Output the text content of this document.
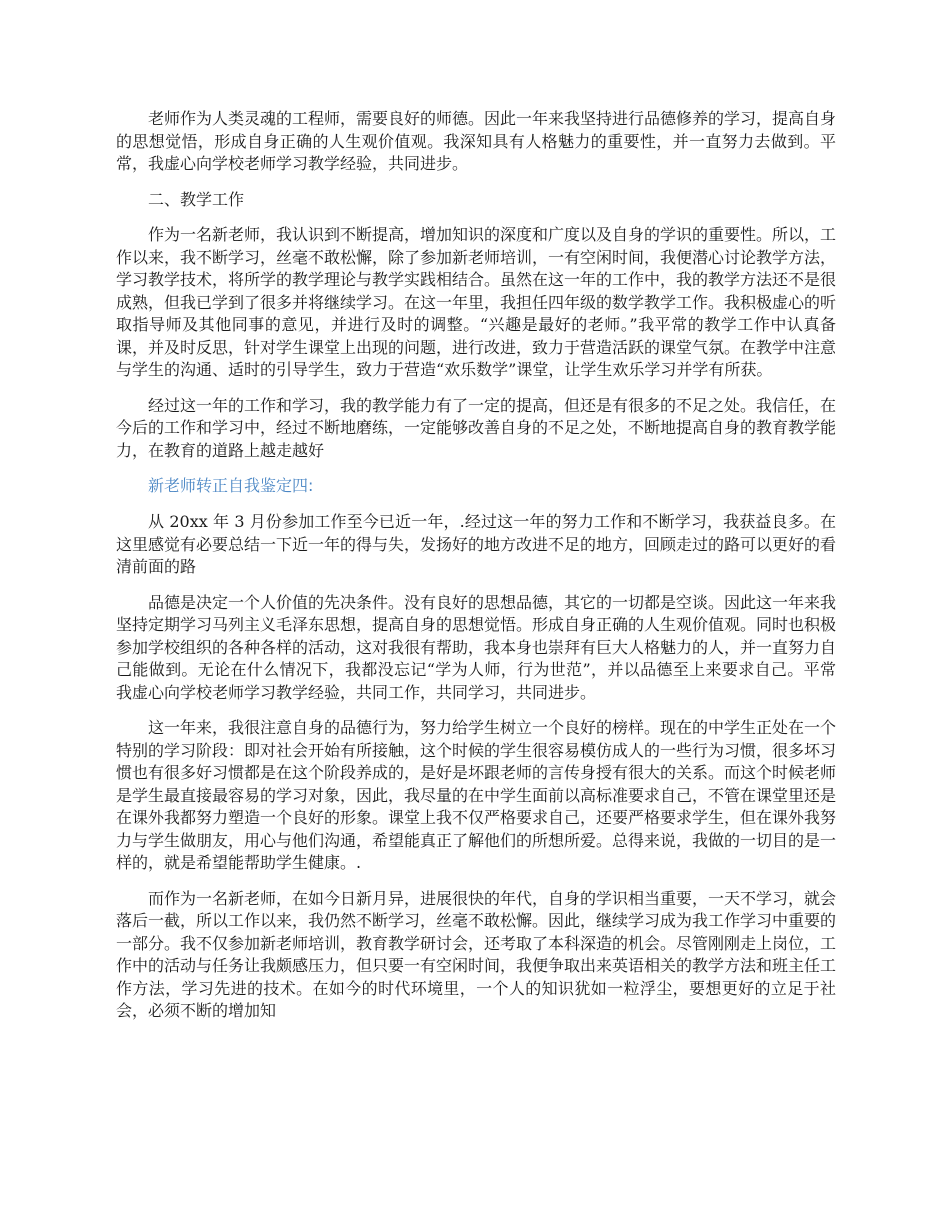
老师作为人类灵魂的工程师，需要良好的师德。因此一年来我坚持进行品德修养的学习，提高自身的思想觉悟，形成自身正确的人生观价值观。我深知具有人格魅力的重要性，并一直努力去做到。平常，我虚心向学校老师学习教学经验，共同进步。

二、教学工作

作为一名新老师，我认识到不断提高，增加知识的深度和广度以及自身的学识的重要性。所以，工作以来，我不断学习，丝毫不敢松懈，除了参加新老师培训，一有空闲时间，我便潜心讨论教学方法，学习教学技术，将所学的教学理论与教学实践相结合。虽然在这一年的工作中，我的教学方法还不是很成熟，但我已学到了很多并将继续学习。在这一年里，我担任四年级的数学教学工作。我积极虚心的听取指导师及其他同事的意见，并进行及时的调整。“兴趣是最好的老师。”我平常的教学工作中认真备课，并及时反思，针对学生课堂上出现的问题，进行改进，致力于营造活跃的课堂气氛。在教学中注意与学生的沟通、适时的引导学生，致力于营造“欢乐数学”课堂，让学生欢乐学习并学有所获。

经过这一年的工作和学习，我的教学能力有了一定的提高，但还是有很多的不足之处。我信任，在今后的工作和学习中，经过不断地磨练，一定能够改善自身的不足之处，不断地提高自身的教育教学能力，在教育的道路上越走越好

新老师转正自我鉴定四:

从 20xx 年 3 月份参加工作至今已近一年，.经过这一年的努力工作和不断学习，我获益良多。在这里感觉有必要总结一下近一年的得与失，发扬好的地方改进不足的地方，回顾走过的路可以更好的看清前面的路

品德是决定一个人价值的先决条件。没有良好的思想品德，其它的一切都是空谈。因此这一年来我坚持定期学习马列主义毛泽东思想，提高自身的思想觉悟。形成自身正确的人生观价值观。同时也积极参加学校组织的各种各样的活动，这对我很有帮助，我本身也崇拜有巨大人格魅力的人，并一直努力自己能做到。无论在什么情况下，我都没忘记“学为人师，行为世范”，并以品德至上来要求自己。平常我虚心向学校老师学习教学经验，共同工作，共同学习，共同进步。

这一年来，我很注意自身的品德行为，努力给学生树立一个良好的榜样。现在的中学生正处在一个特别的学习阶段：即对社会开始有所接触，这个时候的学生很容易模仿成人的一些行为习惯，很多坏习惯也有很多好习惯都是在这个阶段养成的，是好是坏跟老师的言传身授有很大的关系。而这个时候老师是学生最直接最容易的学习对象，因此，我尽量的在中学生面前以高标准要求自己，不管在课堂里还是在课外我都努力塑造一个良好的形象。课堂上我不仅严格要求自己，还要严格要求学生，但在课外我努力与学生做朋友，用心与他们沟通，希望能真正了解他们的所想所爱。总得来说，我做的一切目的是一样的，就是希望能帮助学生健康。.

而作为一名新老师，在如今日新月异，进展很快的年代，自身的学识相当重要，一天不学习，就会落后一截，所以工作以来，我仍然不断学习，丝毫不敢松懈。因此，继续学习成为我工作学习中重要的一部分。我不仅参加新老师培训，教育教学研讨会，还考取了本科深造的机会。尽管刚刚走上岗位，工作中的活动与任务让我颇感压力，但只要一有空闲时间，我便争取出来英语相关的教学方法和班主任工作方法，学习先进的技术。在如今的时代环境里，一个人的知识犹如一粒浮尘，要想更好的立足于社会，必须不断的增加知
